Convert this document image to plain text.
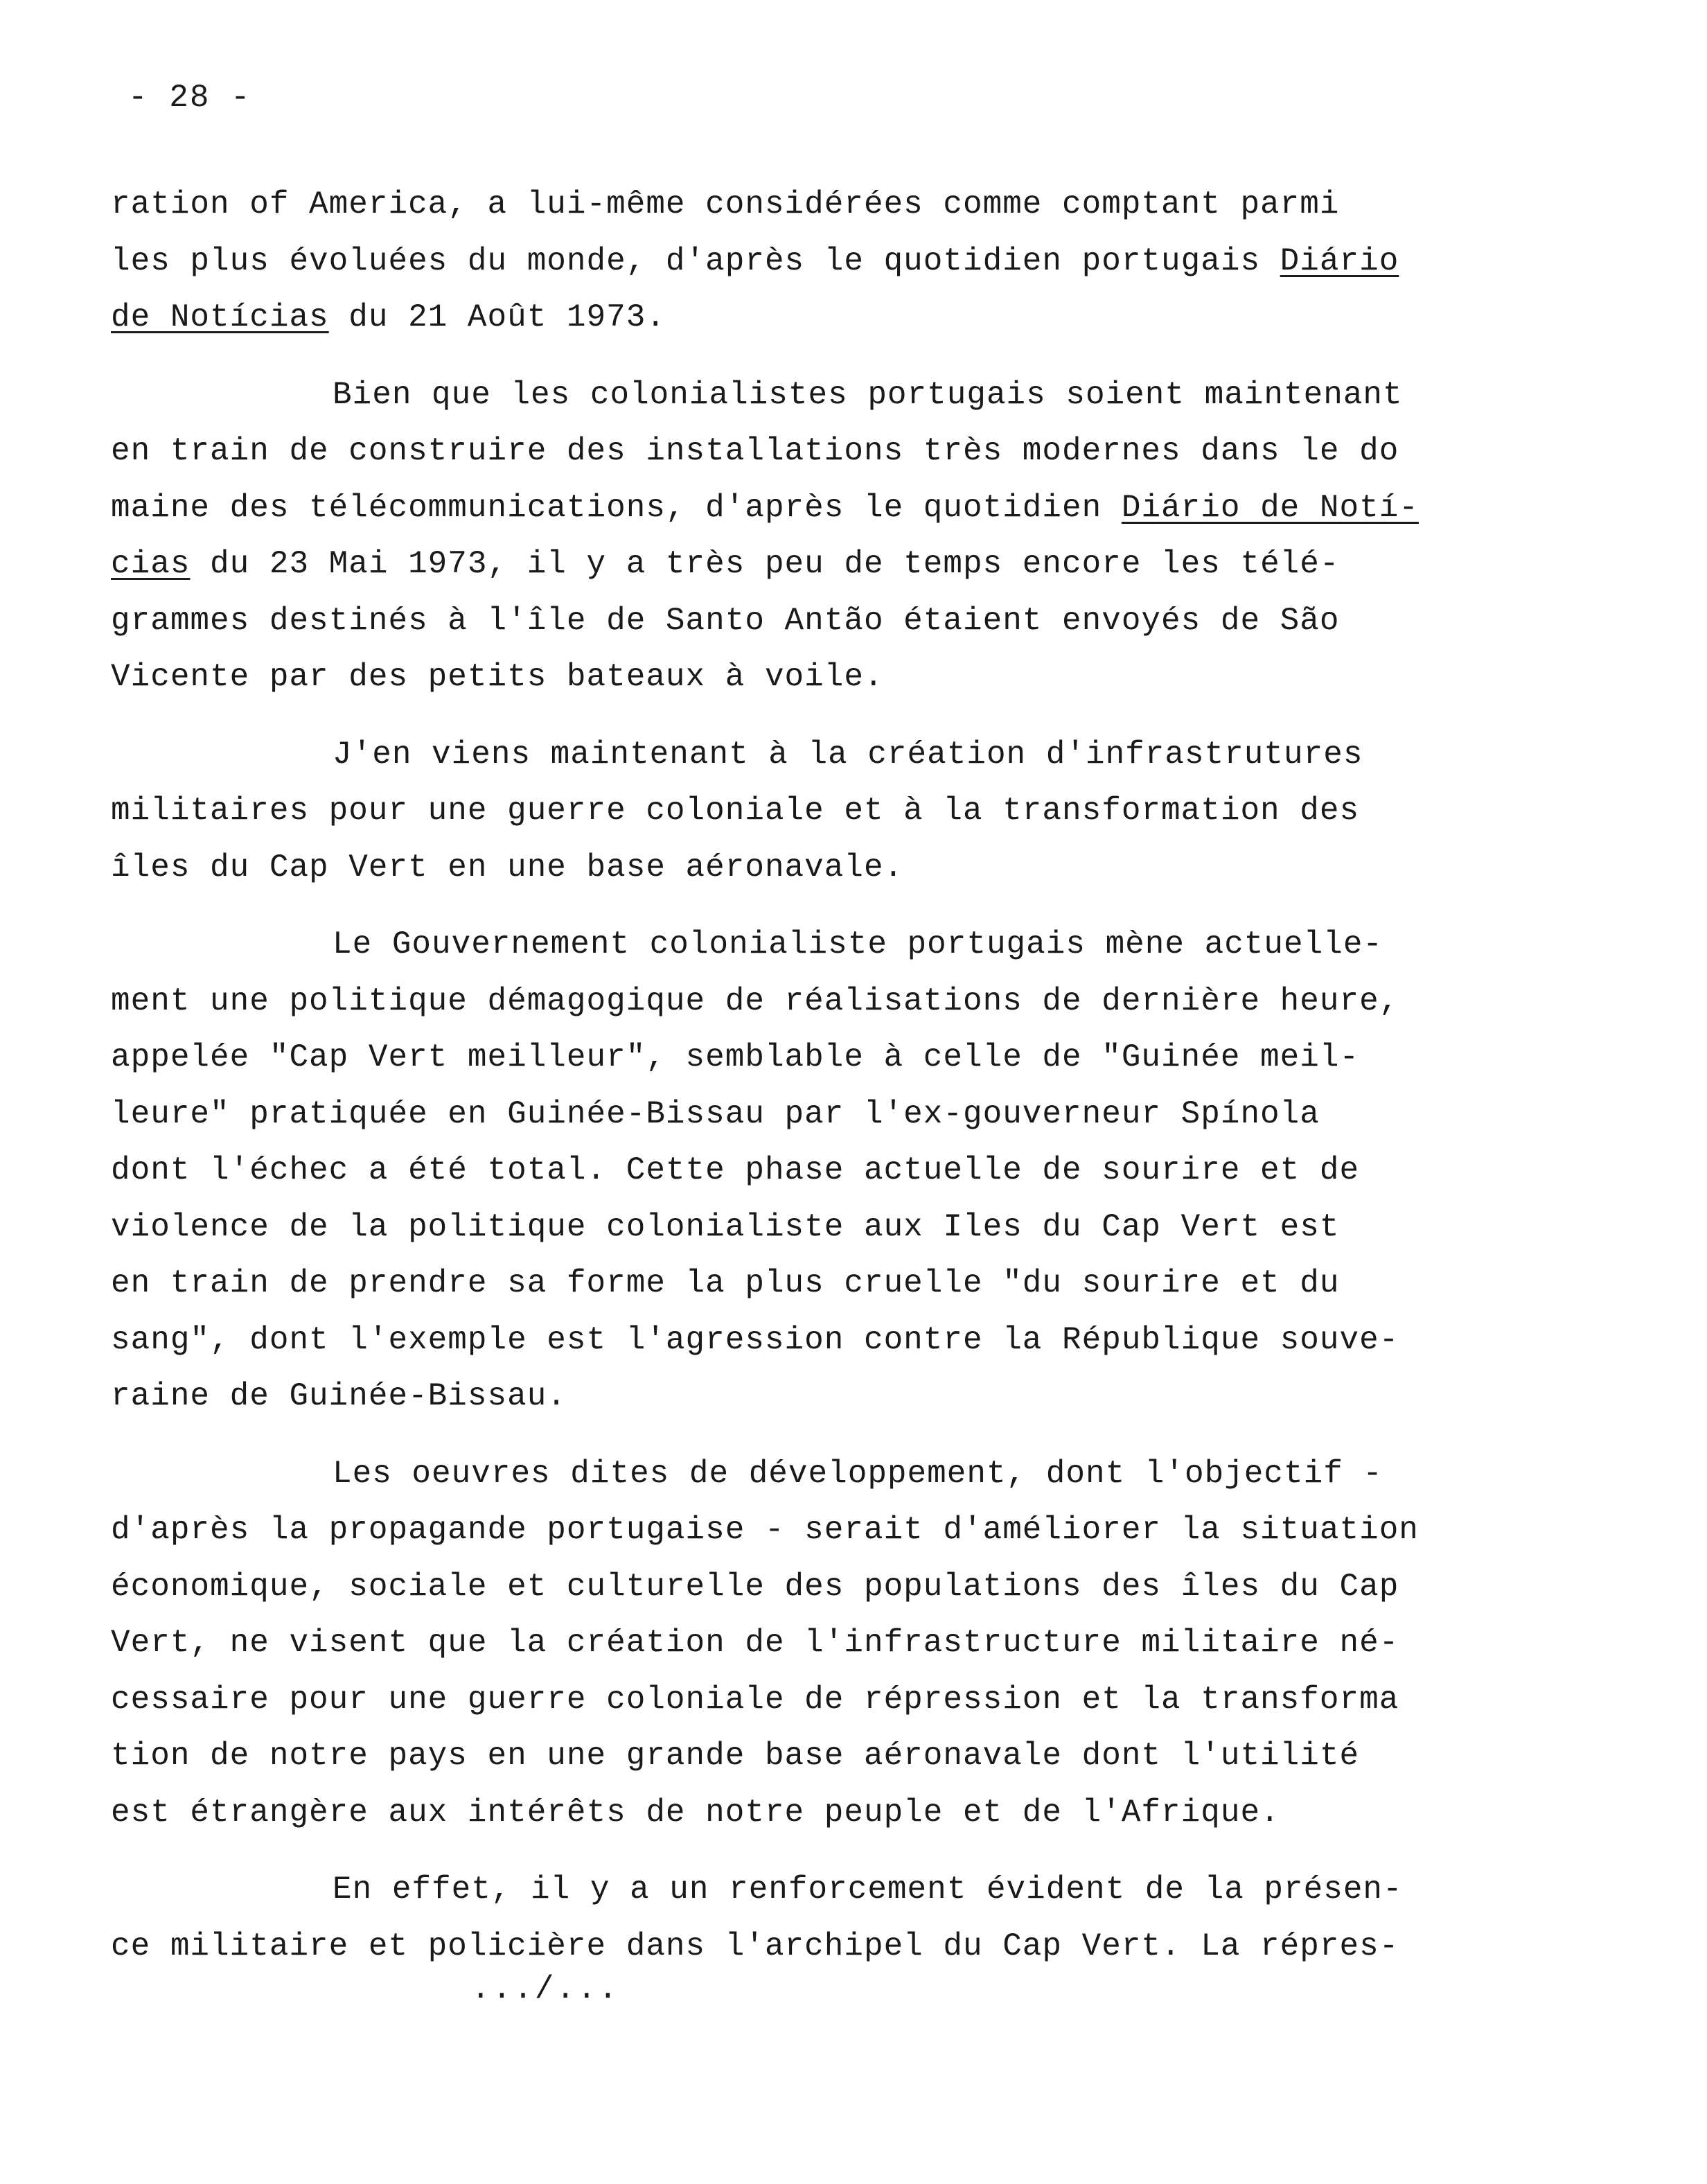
- 28 -
ration of America, a lui-même considérées comme comptant parmi
les plus évoluées du monde, d'après le quotidien portugais Diário
de Notícias du 21 Août 1973.
Bien que les colonialistes portugais soient maintenant
en train de construire des installations très modernes dans le do
maine des télécommunications, d'après le quotidien Diário de Notí-
cias du 23 Mai 1973, il y a très peu de temps encore les télé-
grammes destinés à l'île de Santo Antão étaient envoyés de São
Vicente par des petits bateaux à voile.
J'en viens maintenant à la création d'infrastrutures
militaires pour une guerre coloniale et à la transformation des
îles du Cap Vert en une base aéronavale.
Le Gouvernement colonialiste portugais mène actuelle-
ment une politique démagogique de réalisations de dernière heure,
appelée "Cap Vert meilleur", semblable à celle de "Guinée meil-
leure" pratiquée en Guinée-Bissau par l'ex-gouverneur Spínola
dont l'échec a été total. Cette phase actuelle de sourire et de
violence de la politique colonialiste aux Iles du Cap Vert est
en train de prendre sa forme la plus cruelle "du sourire et du
sang", dont l'exemple est l'agression contre la République souve-
raine de Guinée-Bissau.
Les oeuvres dites de développement, dont l'objectif -
d'après la propagande portugaise - serait d'améliorer la situation
économique, sociale et culturelle des populations des îles du Cap
Vert, ne visent que la création de l'infrastructure militaire né-
cessaire pour une guerre coloniale de répression et la transforma
tion de notre pays en une grande base aéronavale dont l'utilité
est étrangère aux intérêts de notre peuple et de l'Afrique.
En effet, il y a un renforcement évident de la présen-
ce militaire et policière dans l'archipel du Cap Vert. La répres-
.../...
